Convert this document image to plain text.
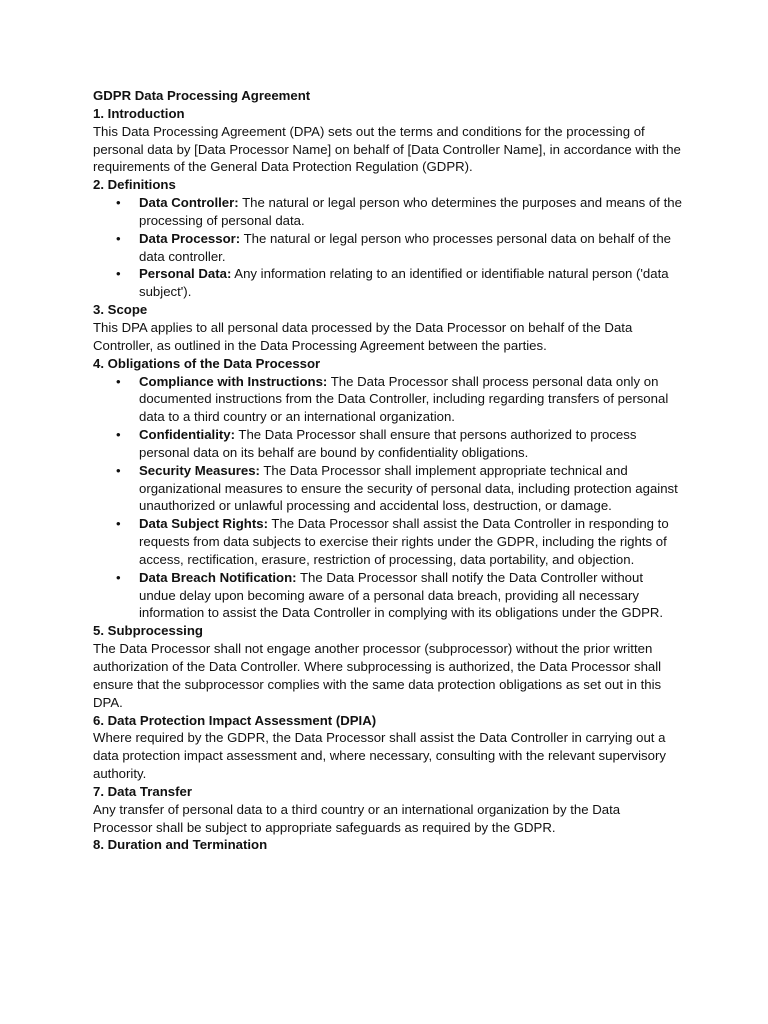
GDPR Data Processing Agreement
1. Introduction

This Data Processing Agreement (DPA) sets out the terms and conditions for the processing of personal data by [Data Processor Name] on behalf of [Data Controller Name], in accordance with the requirements of the General Data Protection Regulation (GDPR).

2. Definitions
• Data Controller: The natural or legal person who determines the purposes and means of the processing of personal data.
• Data Processor: The natural or legal person who processes personal data on behalf of the data controller.
• Personal Data: Any information relating to an identified or identifiable natural person ('data subject').
3. Scope

This DPA applies to all personal data processed by the Data Processor on behalf of the Data Controller, as outlined in the Data Processing Agreement between the parties.

4. Obligations of the Data Processor
• Compliance with Instructions: The Data Processor shall process personal data only on documented instructions from the Data Controller, including regarding transfers of personal data to a third country or an international organization.
• Confidentiality: The Data Processor shall ensure that persons authorized to process personal data on its behalf are bound by confidentiality obligations.
• Security Measures: The Data Processor shall implement appropriate technical and organizational measures to ensure the security of personal data, including protection against unauthorized or unlawful processing and accidental loss, destruction, or damage.
• Data Subject Rights: The Data Processor shall assist the Data Controller in responding to requests from data subjects to exercise their rights under the GDPR, including the rights of access, rectification, erasure, restriction of processing, data portability, and objection.
• Data Breach Notification: The Data Processor shall notify the Data Controller without undue delay upon becoming aware of a personal data breach, providing all necessary information to assist the Data Controller in complying with its obligations under the GDPR.
5. Subprocessing

The Data Processor shall not engage another processor (subprocessor) without the prior written authorization of the Data Controller. Where subprocessing is authorized, the Data Processor shall ensure that the subprocessor complies with the same data protection obligations as set out in this DPA.

6. Data Protection Impact Assessment (DPIA)

Where required by the GDPR, the Data Processor shall assist the Data Controller in carrying out a data protection impact assessment and, where necessary, consulting with the relevant supervisory authority.

7. Data Transfer

Any transfer of personal data to a third country or an international organization by the Data Processor shall be subject to appropriate safeguards as required by the GDPR.

8. Duration and Termination
